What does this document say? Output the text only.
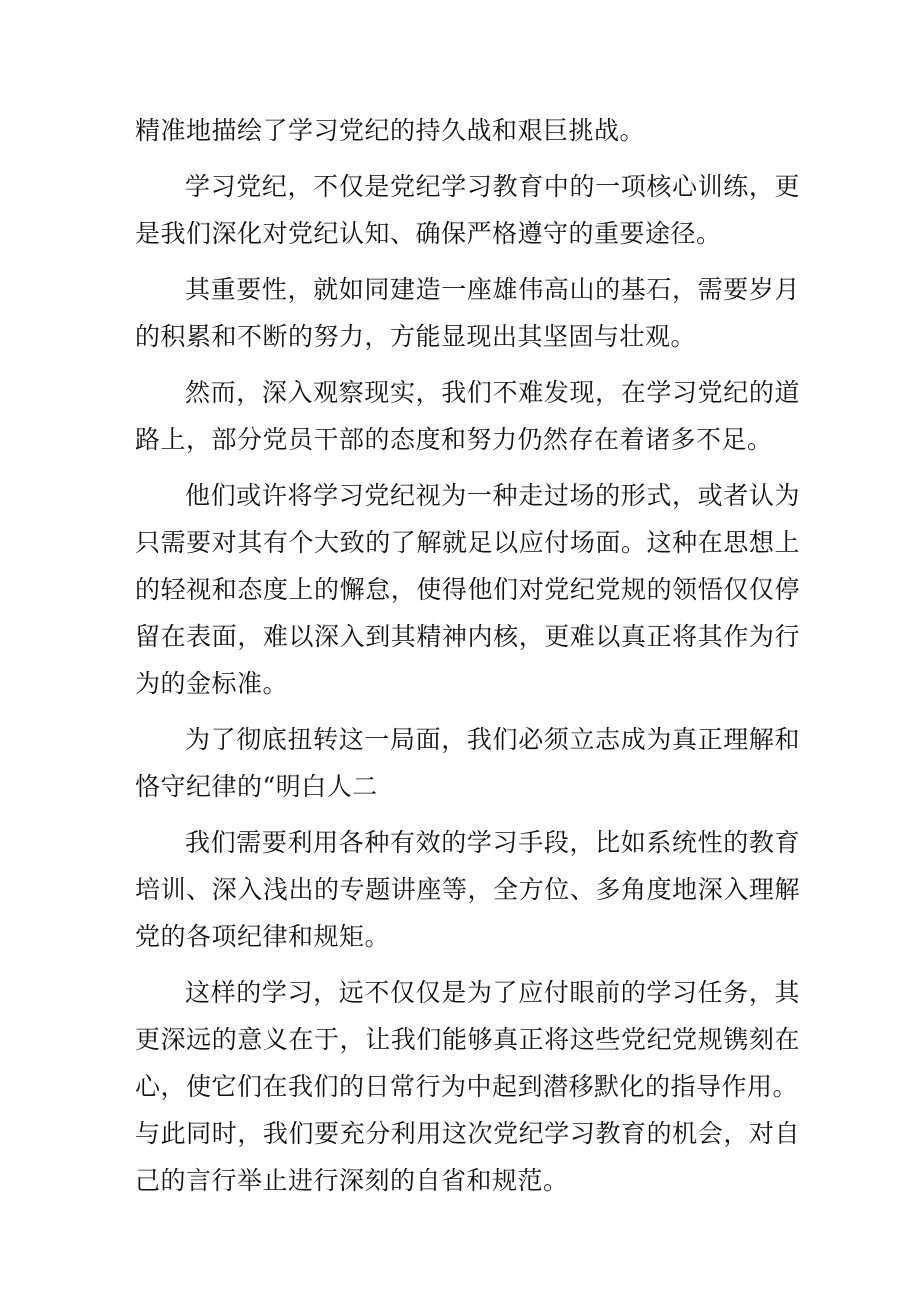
精准地描绘了学习党纪的持久战和艰巨挑战。

学习党纪，不仅是党纪学习教育中的一项核心训练，更是我们深化对党纪认知、确保严格遵守的重要途径。

其重要性，就如同建造一座雄伟高山的基石，需要岁月的积累和不断的努力，方能显现出其坚固与壮观。

然而，深入观察现实，我们不难发现，在学习党纪的道路上，部分党员干部的态度和努力仍然存在着诸多不足。

他们或许将学习党纪视为一种走过场的形式，或者认为只需要对其有个大致的了解就足以应付场面。这种在思想上的轻视和态度上的懈怠，使得他们对党纪党规的领悟仅仅停留在表面，难以深入到其精神内核，更难以真正将其作为行为的金标准。

为了彻底扭转这一局面，我们必须立志成为真正理解和恪守纪律的“明白人二

我们需要利用各种有效的学习手段，比如系统性的教育培训、深入浅出的专题讲座等，全方位、多角度地深入理解党的各项纪律和规矩。

这样的学习，远不仅仅是为了应付眼前的学习任务，其更深远的意义在于，让我们能够真正将这些党纪党规镌刻在心，使它们在我们的日常行为中起到潜移默化的指导作用。

与此同时，我们要充分利用这次党纪学习教育的机会，对自己的言行举止进行深刻的自省和规范。
